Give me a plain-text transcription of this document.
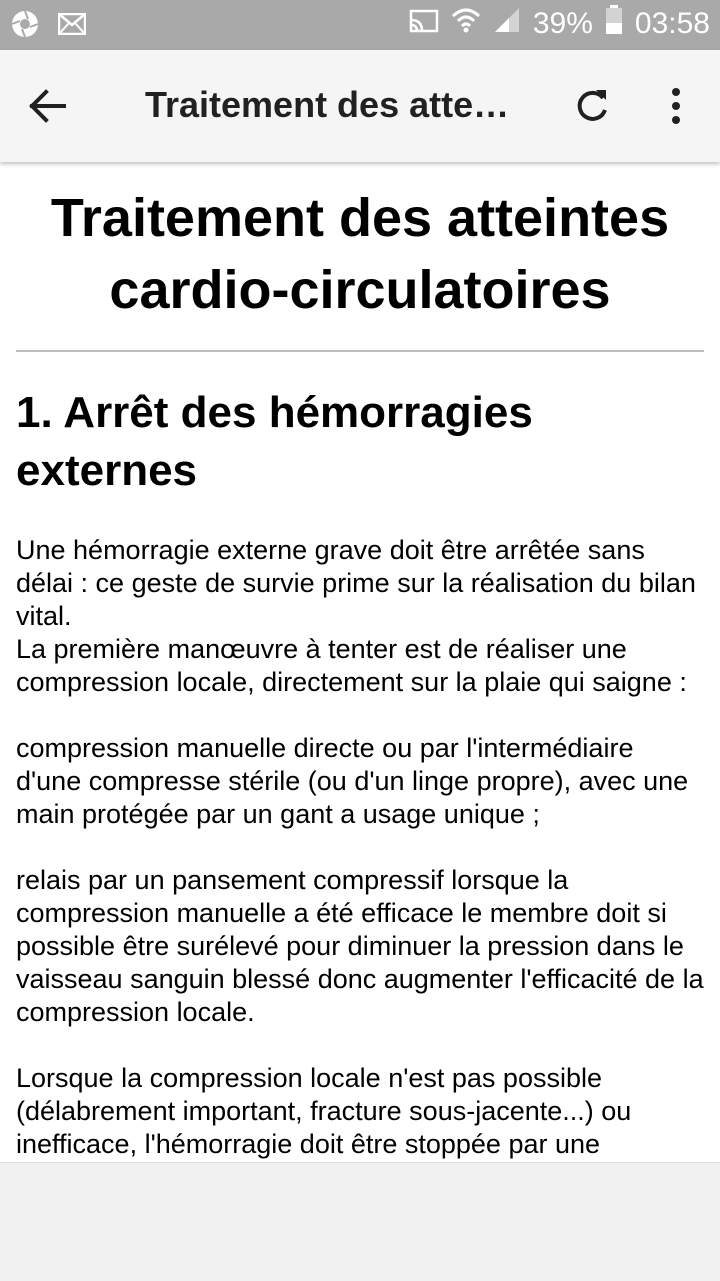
39% 03:58
Traitement des atte…
Traitement des atteintes cardio-circulatoires
1. Arrêt des hémorragies externes

Une hémorragie externe grave doit être arrêtée sans délai : ce geste de survie prime sur la réalisation du bilan vital.

La première manœuvre à tenter est de réaliser une compression locale, directement sur la plaie qui saigne :

compression manuelle directe ou par l'intermédiaire d'une compresse stérile (ou d'un linge propre), avec une main protégée par un gant a usage unique ;

relais par un pansement compressif lorsque la compression manuelle a été efficace le membre doit si possible être surélevé pour diminuer la pression dans le vaisseau sanguin blessé donc augmenter l'efficacité de la compression locale.

Lorsque la compression locale n'est pas possible (délabrement important, fracture sous-jacente...) ou inefficace, l'hémorragie doit être stoppée par une
